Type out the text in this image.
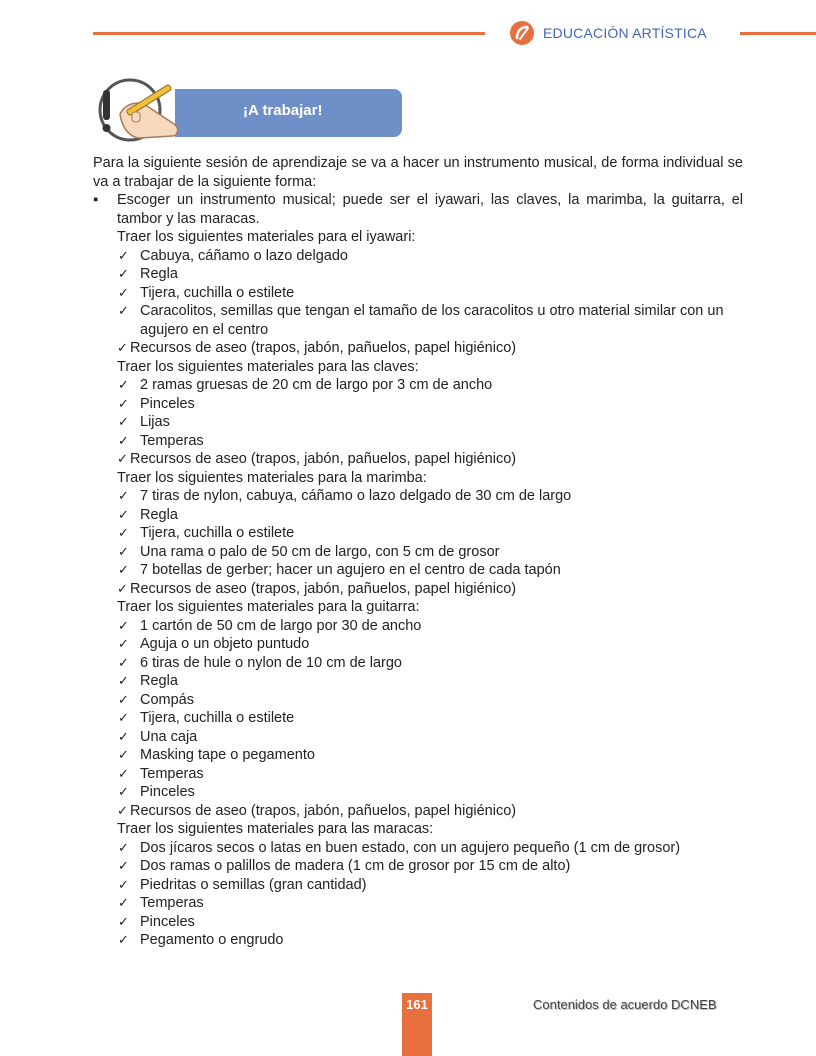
EDUCACIÓN ARTÍSTICA
¡A trabajar!
Para la siguiente sesión de aprendizaje se va a hacer un instrumento musical, de forma individual se va a trabajar de la siguiente forma:
▪ Escoger un instrumento musical; puede ser el iyawari, las claves, la marimba, la guitarra, el tambor y las maracas.
Traer los siguientes materiales para el iyawari:
✓ Cabuya, cáñamo o lazo delgado
✓ Regla
✓ Tijera, cuchilla o estilete
✓ Caracolitos, semillas que tengan el tamaño de los caracolitos u otro material similar con un agujero en el centro
✓ Recursos de aseo (trapos, jabón, pañuelos, papel higiénico)
Traer los siguientes materiales para las claves:
✓ 2 ramas gruesas de 20 cm de largo por 3 cm de ancho
✓ Pinceles
✓ Lijas
✓ Temperas
✓ Recursos de aseo (trapos, jabón, pañuelos, papel higiénico)
Traer los siguientes materiales para la marimba:
✓ 7 tiras de nylon, cabuya, cáñamo o lazo delgado de 30 cm de largo
✓ Regla
✓ Tijera, cuchilla o estilete
✓ Una rama o palo de 50 cm de largo, con 5 cm de grosor
✓ 7 botellas de gerber; hacer un agujero en el centro de cada tapón
✓ Recursos de aseo (trapos, jabón, pañuelos, papel higiénico)
Traer los siguientes materiales para la guitarra:
✓ 1 cartón de 50 cm de largo por 30 de ancho
✓ Aguja o un objeto puntudo
✓ 6 tiras de hule o nylon de 10 cm de largo
✓ Regla
✓ Compás
✓ Tijera, cuchilla o estilete
✓ Una caja
✓ Masking tape o pegamento
✓ Temperas
✓ Pinceles
✓ Recursos de aseo (trapos, jabón, pañuelos, papel higiénico)
Traer los siguientes materiales para las maracas:
✓ Dos jícaros secos o latas en buen estado, con un agujero pequeño (1 cm de grosor)
✓ Dos ramas o palillos de madera (1 cm de grosor por 15 cm de alto)
✓ Piedritas o semillas (gran cantidad)
✓ Temperas
✓ Pinceles
✓ Pegamento o engrudo
161	Contenidos de acuerdo DCNEB
